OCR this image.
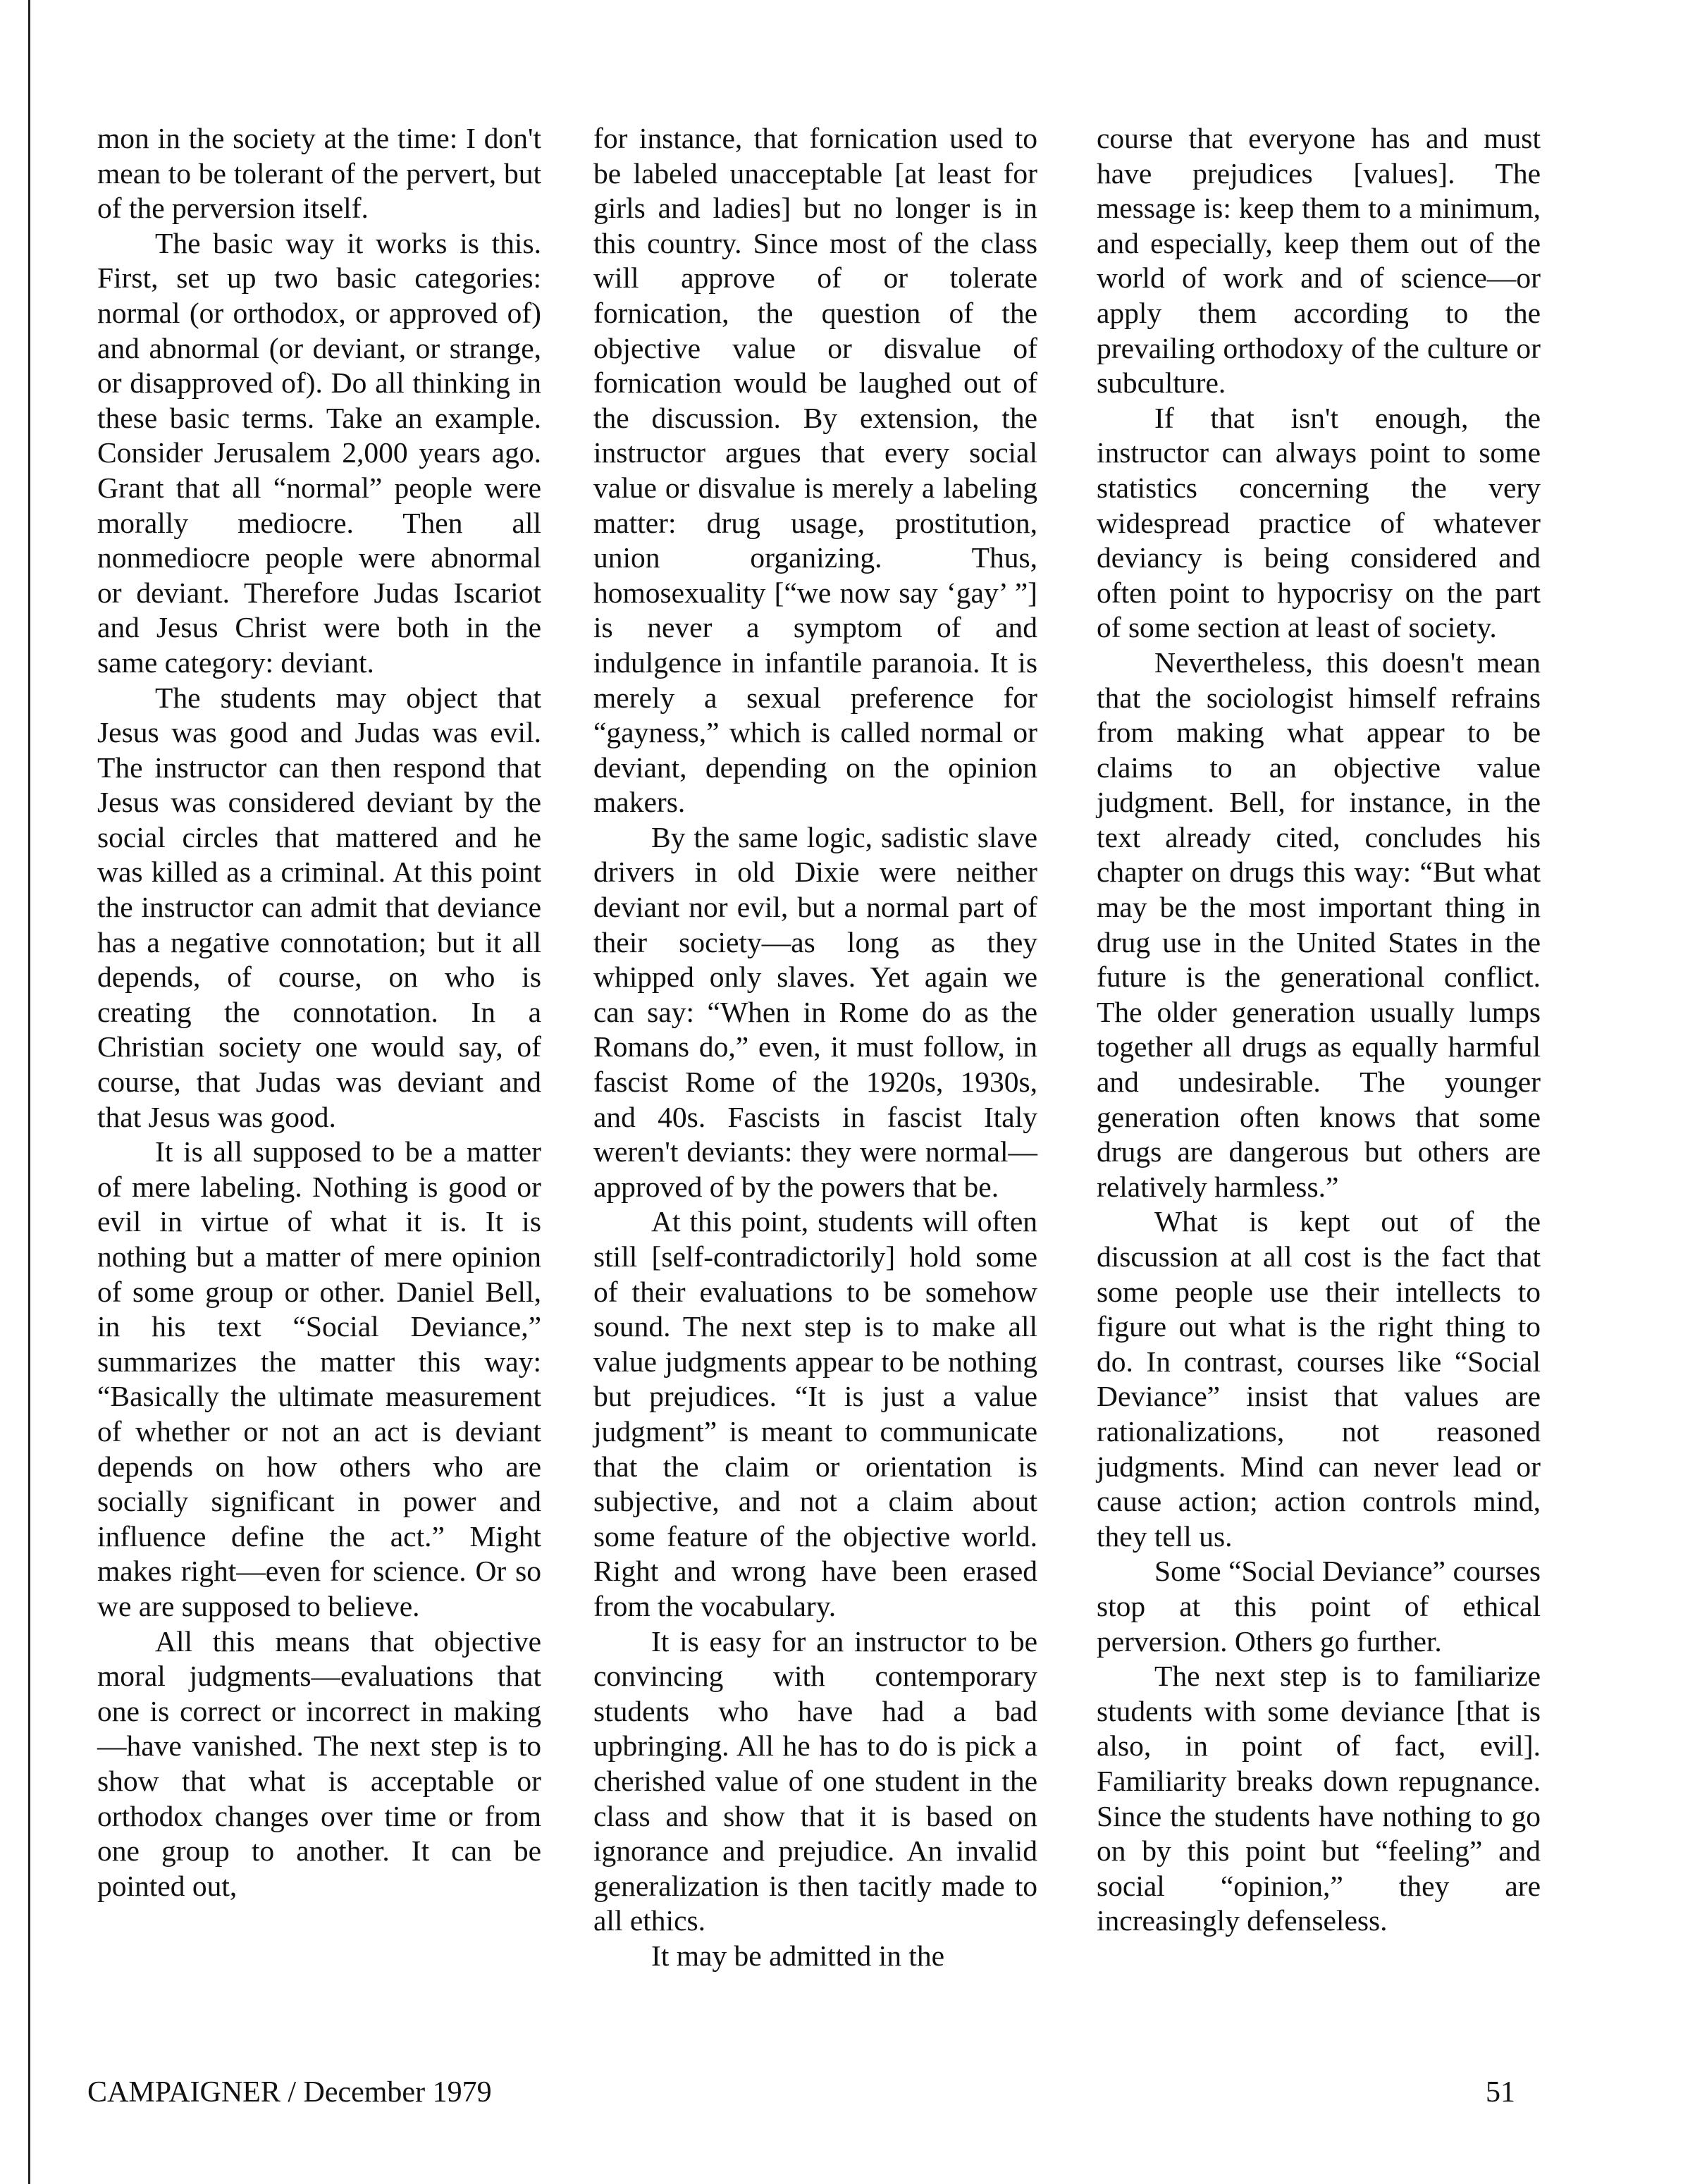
mon in the society at the time: I don't mean to be tolerant of the pervert, but of the perversion itself.

The basic way it works is this. First, set up two basic categories: normal (or orthodox, or approved of) and abnormal (or deviant, or strange, or disapproved of). Do all thinking in these basic terms. Take an example. Consider Jerusalem 2,000 years ago. Grant that all “normal” people were morally mediocre. Then all nonmediocre people were abnormal or deviant. Therefore Judas Iscariot and Jesus Christ were both in the same category: deviant.

The students may object that Jesus was good and Judas was evil. The instructor can then respond that Jesus was considered deviant by the social circles that mattered and he was killed as a criminal. At this point the instructor can admit that deviance has a negative connotation; but it all depends, of course, on who is creating the connotation. In a Christian society one would say, of course, that Judas was deviant and that Jesus was good.

It is all supposed to be a matter of mere labeling. Nothing is good or evil in virtue of what it is. It is nothing but a matter of mere opinion of some group or other. Daniel Bell, in his text “Social Deviance,” summarizes the matter this way: “Basically the ultimate measurement of whether or not an act is deviant depends on how others who are socially significant in power and influence define the act.” Might makes right—even for science. Or so we are supposed to believe.

All this means that objective moral judgments—evaluations that one is correct or incorrect in making—have vanished. The next step is to show that what is acceptable or orthodox changes over time or from one group to another. It can be pointed out,

for instance, that fornication used to be labeled unacceptable [at least for girls and ladies] but no longer is in this country. Since most of the class will approve of or tolerate fornication, the question of the objective value or disvalue of fornication would be laughed out of the discussion. By extension, the instructor argues that every social value or disvalue is merely a labeling matter: drug usage, prostitution, union organizing. Thus, homosexuality [“we now say ‘gay’ ”] is never a symptom of and indulgence in infantile paranoia. It is merely a sexual preference for “gayness,” which is called normal or deviant, depending on the opinion makers.

By the same logic, sadistic slave drivers in old Dixie were neither deviant nor evil, but a normal part of their society—as long as they whipped only slaves. Yet again we can say: “When in Rome do as the Romans do,” even, it must follow, in fascist Rome of the 1920s, 1930s, and 40s. Fascists in fascist Italy weren't deviants: they were normal—approved of by the powers that be.

At this point, students will often still [self-contradictorily] hold some of their evaluations to be somehow sound. The next step is to make all value judgments appear to be nothing but prejudices. “It is just a value judgment” is meant to communicate that the claim or orientation is subjective, and not a claim about some feature of the objective world. Right and wrong have been erased from the vocabulary.

It is easy for an instructor to be convincing with contemporary students who have had a bad upbringing. All he has to do is pick a cherished value of one student in the class and show that it is based on ignorance and prejudice. An invalid generalization is then tacitly made to all ethics.

It may be admitted in the

course that everyone has and must have prejudices [values]. The message is: keep them to a minimum, and especially, keep them out of the world of work and of science—or apply them according to the prevailing orthodoxy of the culture or subculture.

If that isn't enough, the instructor can always point to some statistics concerning the very widespread practice of whatever deviancy is being considered and often point to hypocrisy on the part of some section at least of society.

Nevertheless, this doesn't mean that the sociologist himself refrains from making what appear to be claims to an objective value judgment. Bell, for instance, in the text already cited, concludes his chapter on drugs this way: “But what may be the most important thing in drug use in the United States in the future is the generational conflict. The older generation usually lumps together all drugs as equally harmful and undesirable. The younger generation often knows that some drugs are dangerous but others are relatively harmless.”

What is kept out of the discussion at all cost is the fact that some people use their intellects to figure out what is the right thing to do. In contrast, courses like “Social Deviance” insist that values are rationalizations, not reasoned judgments. Mind can never lead or cause action; action controls mind, they tell us.

Some “Social Deviance” courses stop at this point of ethical perversion. Others go further.

The next step is to familiarize students with some deviance [that is also, in point of fact, evil]. Familiarity breaks down repugnance. Since the students have nothing to go on by this point but “feeling” and social “opinion,” they are increasingly defenseless.

CAMPAIGNER / December 1979	51
